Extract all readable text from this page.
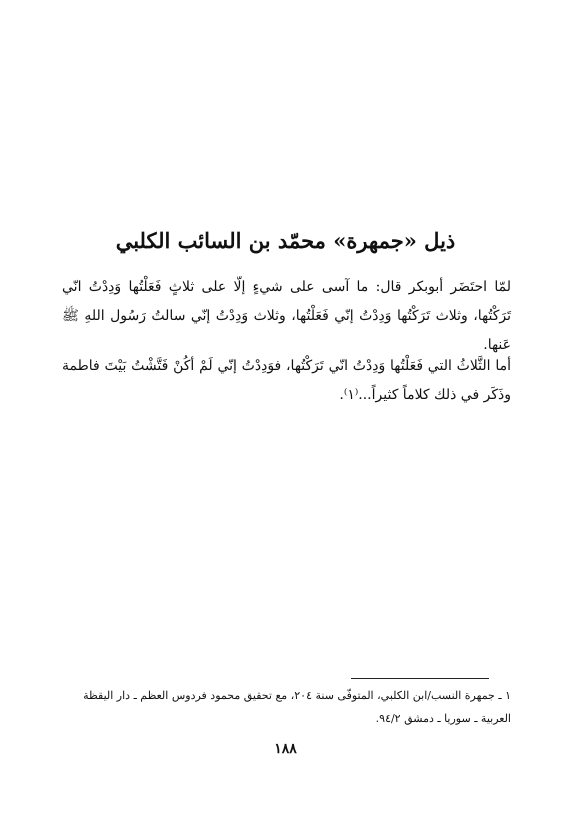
ذيل «جمهرة» محمّد بن السائب الكلبي

لمّا احتَضَر أبوبكر قال: ما آسى على شيءٍ إلّا على ثلاثٍ فَعَلْتُها وَدِدْتُ انّي تَرَكْتُها، وثلاث تَرَكْتُها وَدِدْتُ إنّي فَعَلْتُها، وثلاث وَدِدْتُ إنّي سالتُ رَسُول اللهِ ﷺ عَنها.

أما الثَّلاثُ التي فَعَلْتُها وَدِدْتُ انّي تَرَكْتُها، فوَدِدْتُ إنّي لَمْ أكُنْ فَتَّشْتُ بَيْتَ فاطمة وذَكَر في ذلك كلاماً كثيراً...⁽١⁾.

١ ـ جمهرة النسب/ابن الكلبي، المتوفّى سنة ٢٠٤، مع تحقيق محمود فردوس العظم ـ دار اليقظة العربية ـ سوريا ـ دمشق ٩٤/٢.

١٨٨
